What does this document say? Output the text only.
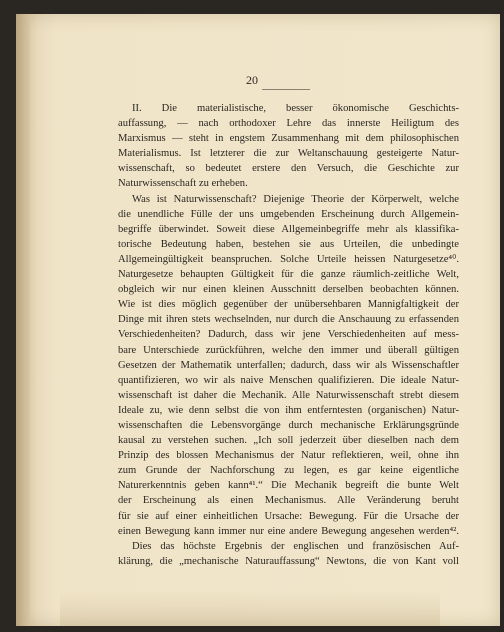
20
II. Die materialistische, besser ökonomische Geschichts-
auffassung, — nach orthodoxer Lehre das innerste Heiligtum des
Marxismus — steht in engstem Zusammenhang mit dem philosophischen
Materialismus. Ist letzterer die zur Weltanschauung gesteigerte Natur-
wissenschaft, so bedeutet erstere den Versuch, die Geschichte zur
Naturwissenschaft zu erheben.
Was ist Naturwissenschaft? Diejenige Theorie der Körperwelt, welche
die unendliche Fülle der uns umgebenden Erscheinung durch Allgemein-
begriffe überwindet. Soweit diese Allgemeinbegriffe mehr als klassifika-
torische Bedeutung haben, bestehen sie aus Urteilen, die unbedingte
Allgemeingültigkeit beanspruchen. Solche Urteile heissen Naturgesetze⁴⁰.
Naturgesetze behaupten Gültigkeit für die ganze räumlich-zeitliche Welt,
obgleich wir nur einen kleinen Ausschnitt derselben beobachten können.
Wie ist dies möglich gegenüber der unübersehbaren Mannigfaltigkeit der
Dinge mit ihren stets wechselnden, nur durch die Anschauung zu erfassenden
Verschiedenheiten? Dadurch, dass wir jene Verschiedenheiten auf mess-
bare Unterschiede zurückführen, welche den immer und überall gültigen
Gesetzen der Mathematik unterfallen; dadurch, dass wir als Wissenschaftler
quantifizieren, wo wir als naive Menschen qualifizieren. Die ideale Natur-
wissenschaft ist daher die Mechanik. Alle Naturwissenschaft strebt diesem
Ideale zu, wie denn selbst die von ihm entferntesten (organischen) Natur-
wissenschaften die Lebensvorgänge durch mechanische Erklärungsgründe
kausal zu verstehen suchen. „Ich soll jederzeit über dieselben nach dem
Prinzip des blossen Mechanismus der Natur reflektieren, weil, ohne ihn
zum Grunde der Nachforschung zu legen, es gar keine eigentliche
Naturerkenntnis geben kann⁴¹.“ Die Mechanik begreift die bunte Welt
der Erscheinung als einen Mechanismus. Alle Veränderung beruht
für sie auf einer einheitlichen Ursache: Bewegung. Für die Ursache der
einen Bewegung kann immer nur eine andere Bewegung angesehen werden⁴².
Dies das höchste Ergebnis der englischen und französischen Auf-
klärung, die „mechanische Naturauffassung“ Newtons, die von Kant voll
